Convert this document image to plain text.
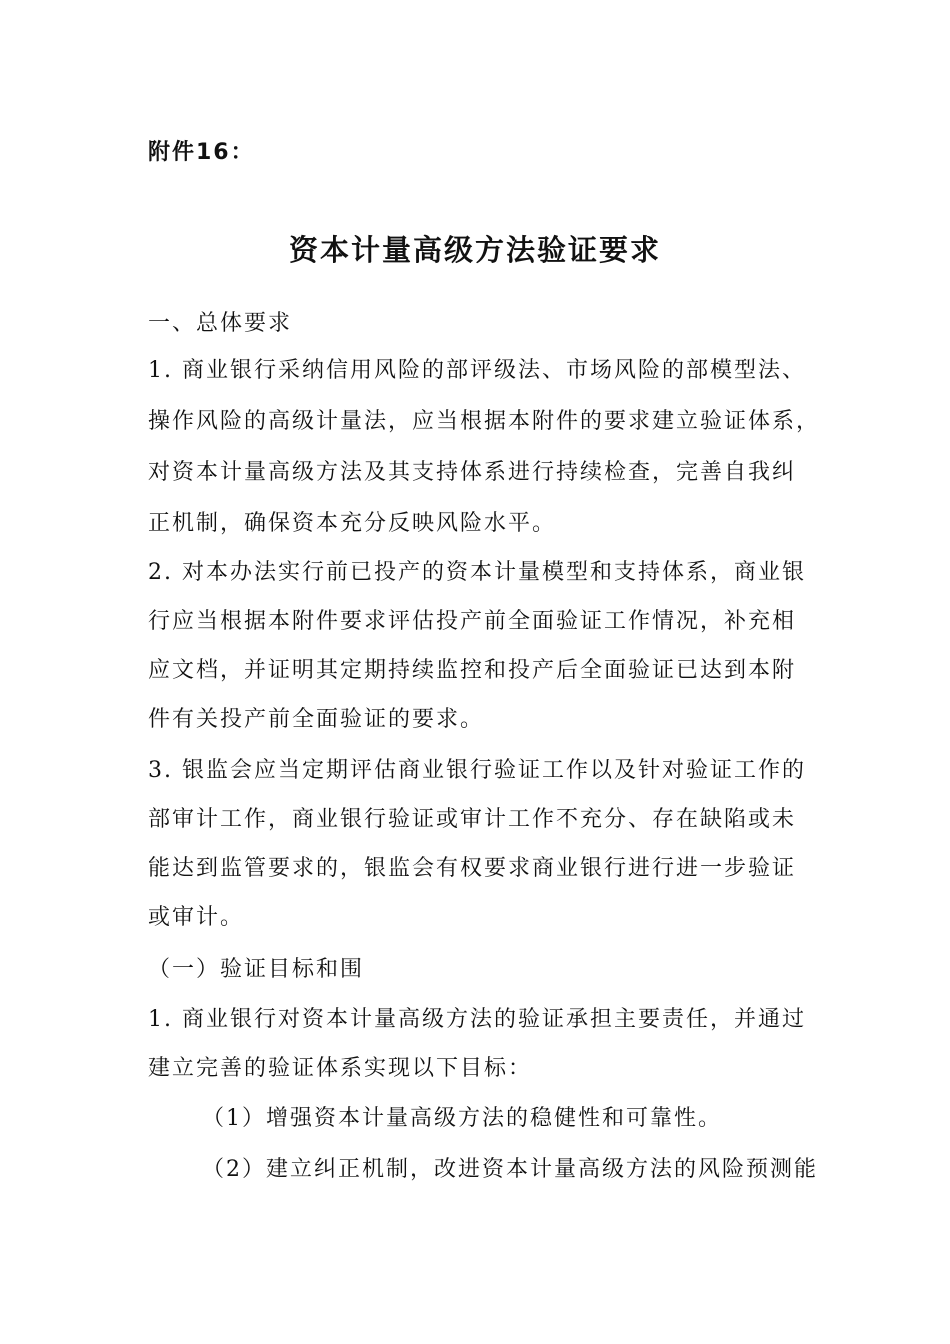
附件16：
资本计量高级方法验证要求
一、总体要求
1. 商业银行采纳信用风险的部评级法、市场风险的部模型法、
操作风险的高级计量法，应当根据本附件的要求建立验证体系，
对资本计量高级方法及其支持体系进行持续检查，完善自我纠
正机制，确保资本充分反映风险水平。
2. 对本办法实行前已投产的资本计量模型和支持体系，商业银
行应当根据本附件要求评估投产前全面验证工作情况，补充相
应文档，并证明其定期持续监控和投产后全面验证已达到本附
件有关投产前全面验证的要求。
3. 银监会应当定期评估商业银行验证工作以及针对验证工作的
部审计工作，商业银行验证或审计工作不充分、存在缺陷或未
能达到监管要求的，银监会有权要求商业银行进行进一步验证
或审计。
（一）验证目标和围
1. 商业银行对资本计量高级方法的验证承担主要责任，并通过
建立完善的验证体系实现以下目标：
（1）增强资本计量高级方法的稳健性和可靠性。
（2）建立纠正机制，改进资本计量高级方法的风险预测能
